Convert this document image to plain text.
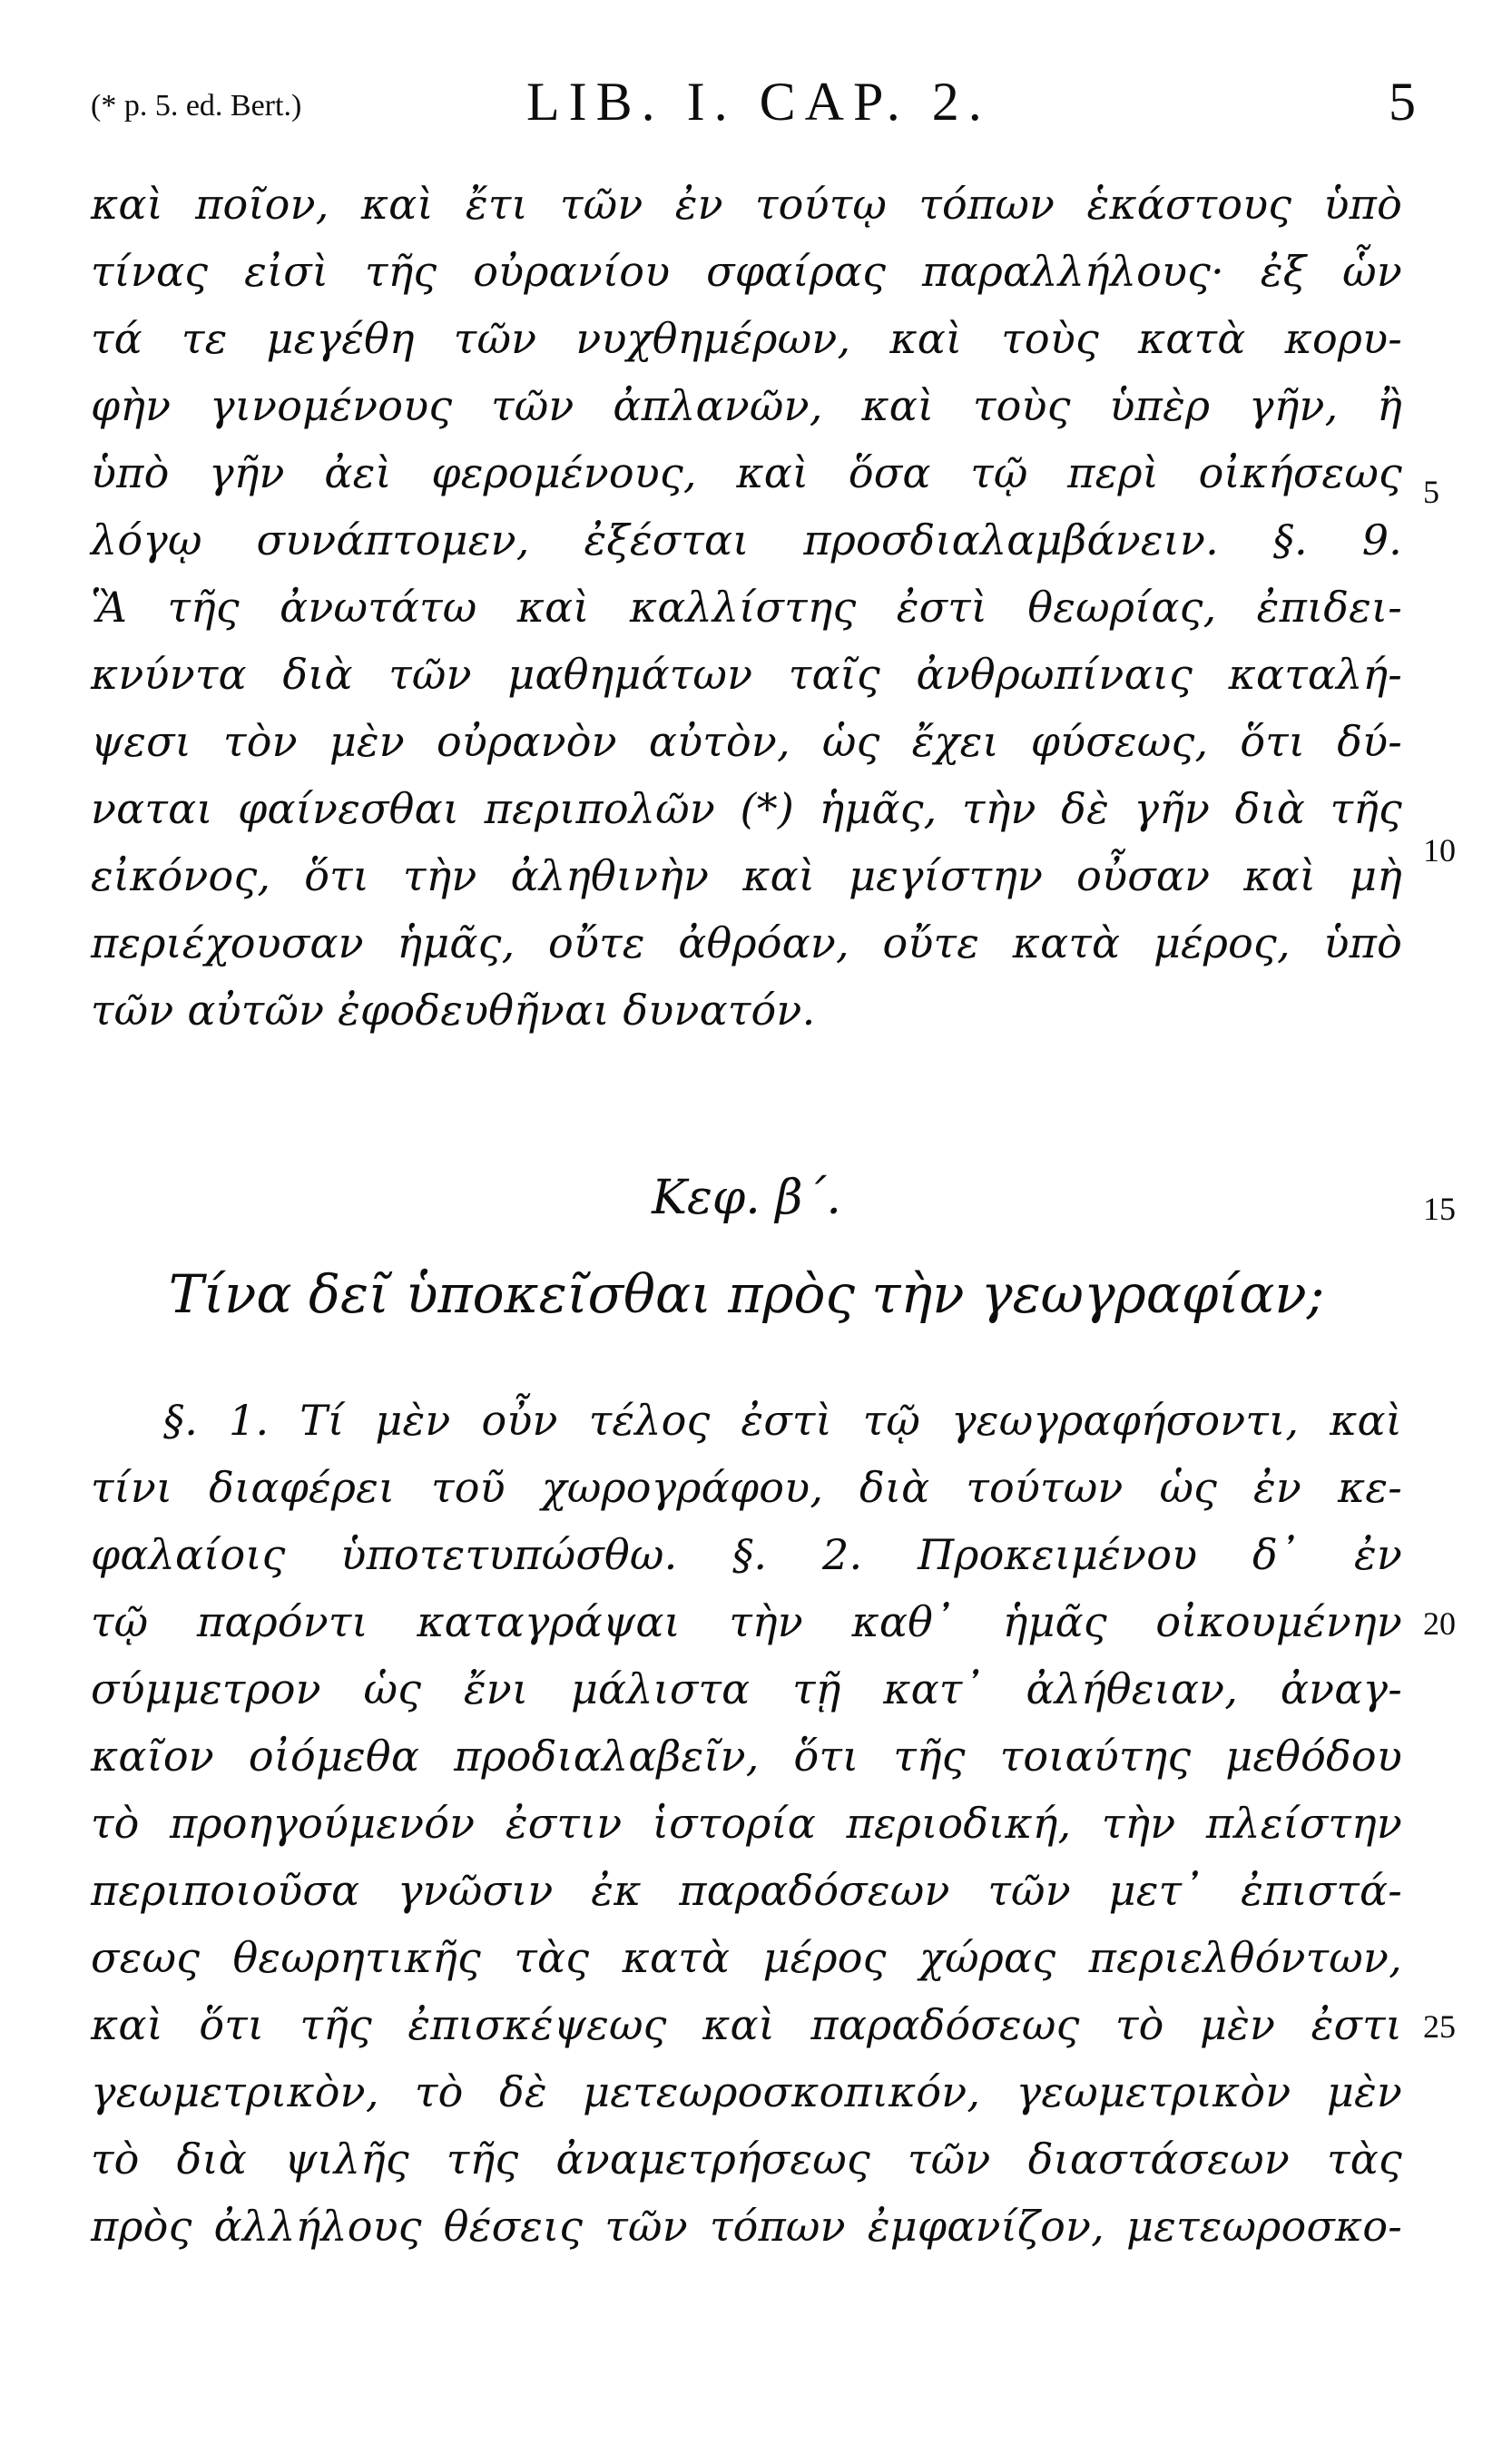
(* p. 5. ed. Bert.)	LIB. I. CAP. 2.	5
καὶ ποῖον, καὶ ἔτι τῶν ἐν τούτῳ τόπων ἑκάστους ὑπὸ
τίνας εἰσὶ τῆς οὐρανίου σφαίρας παραλλήλους· ἐξ ὧν
τά τε μεγέθη τῶν νυχθημέρων, καὶ τοὺς κατὰ κορυ-
φὴν γινομένους τῶν ἀπλανῶν, καὶ τοὺς ὑπὲρ γῆν, ἢ
ὑπὸ γῆν ἀεὶ φερομένους, καὶ ὅσα τῷ περὶ οἰκήσεως
λόγῳ συνάπτομεν, ἐξέσται προσδιαλαμβάνειν. §. 9.
Ἃ τῆς ἀνωτάτω καὶ καλλίστης ἐστὶ θεωρίας, ἐπιδει-
κνύντα διὰ τῶν μαθημάτων ταῖς ἀνθρωπίναις καταλή-
ψεσι τὸν μὲν οὐρανὸν αὐτὸν, ὡς ἔχει φύσεως, ὅτι δύ-
ναται φαίνεσθαι περιπολῶν (*) ἡμᾶς, τὴν δὲ γῆν διὰ τῆς
εἰκόνος, ὅτι τὴν ἀληθινὴν καὶ μεγίστην οὖσαν καὶ μὴ
περιέχουσαν ἡμᾶς, οὔτε ἀθρόαν, οὔτε κατὰ μέρος, ὑπὸ
τῶν αὐτῶν ἐφοδευθῆναι δυνατόν.
5
10
15
20
25
Κεφ. β΄.
Τίνα δεῖ ὑποκεῖσθαι πρὸς τὴν γεωγραφίαν;
§. 1. Τί μὲν οὖν τέλος ἐστὶ τῷ γεωγραφήσοντι, καὶ
τίνι διαφέρει τοῦ χωρογράφου, διὰ τούτων ὡς ἐν κε-
φαλαίοις ὑποτετυπώσθω. §. 2. Προκειμένου δ᾽ ἐν
τῷ παρόντι καταγράψαι τὴν καθ᾽ ἡμᾶς οἰκουμένην
σύμμετρον ὡς ἔνι μάλιστα τῇ κατ᾽ ἀλήθειαν, ἀναγ-
καῖον οἰόμεθα προδιαλαβεῖν, ὅτι τῆς τοιαύτης μεθόδου
τὸ προηγούμενόν ἐστιν ἱστορία περιοδική, τὴν πλείστην
περιποιοῦσα γνῶσιν ἐκ παραδόσεων τῶν μετ᾽ ἐπιστά-
σεως θεωρητικῆς τὰς κατὰ μέρος χώρας περιελθόντων,
καὶ ὅτι τῆς ἐπισκέψεως καὶ παραδόσεως τὸ μὲν ἐστι
γεωμετρικὸν, τὸ δὲ μετεωροσκοπικόν, γεωμετρικὸν μὲν
τὸ διὰ ψιλῆς τῆς ἀναμετρήσεως τῶν διαστάσεων τὰς
πρὸς ἀλλήλους θέσεις τῶν τόπων ἐμφανίζον, μετεωροσκο-
